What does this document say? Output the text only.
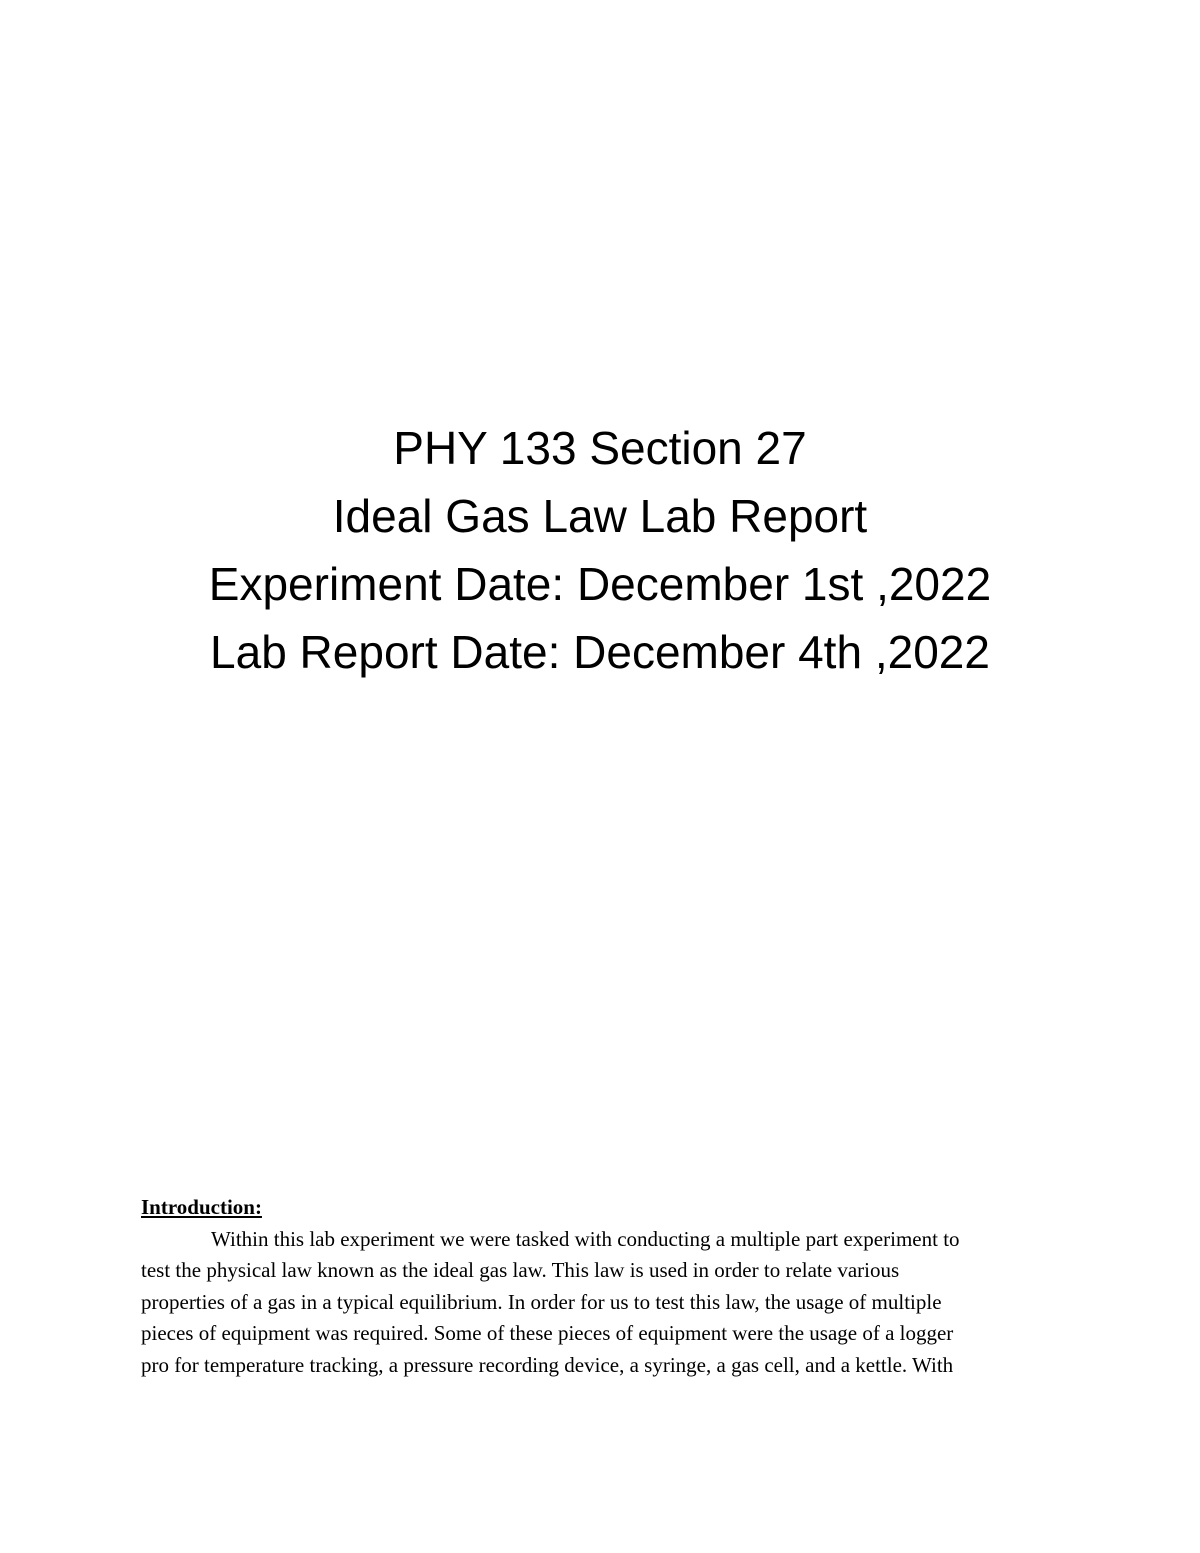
PHY 133 Section 27
Ideal Gas Law Lab Report
Experiment Date: December 1st ,2022
Lab Report Date: December 4th ,2022
Introduction:
Within this lab experiment we were tasked with conducting a multiple part experiment to
test the physical law known as the ideal gas law. This law is used in order to relate various
properties of a gas in a typical equilibrium. In order for us to test this law, the usage of multiple
pieces of equipment was required. Some of these pieces of equipment were the usage of a logger
pro for temperature tracking, a pressure recording device, a syringe, a gas cell, and a kettle. With
